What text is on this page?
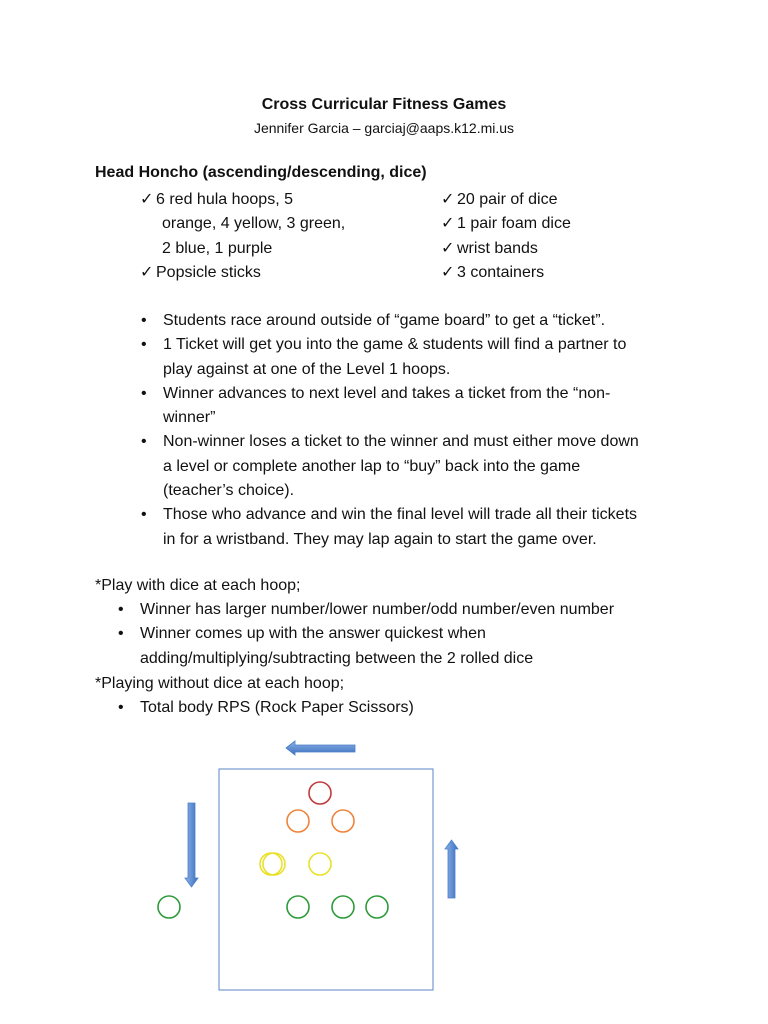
Cross Curricular Fitness Games
Jennifer Garcia – garciaj@aaps.k12.mi.us
Head Honcho (ascending/descending, dice)
✓ 6 red hula hoops, 5
orange, 4 yellow, 3 green,
2 blue, 1 purple
✓ Popsicle sticks
✓ 20 pair of dice
✓ 1 pair foam dice
✓ wrist bands
✓ 3 containers
• Students race around outside of “game board” to get a “ticket”.
• 1 Ticket will get you into the game & students will find a partner to
play against at one of the Level 1 hoops.
• Winner advances to next level and takes a ticket from the “non-
winner”
• Non-winner loses a ticket to the winner and must either move down
a level or complete another lap to “buy” back into the game
(teacher’s choice).
• Those who advance and win the final level will trade all their tickets
in for a wristband. They may lap again to start the game over.
*Play with dice at each hoop;
• Winner has larger number/lower number/odd number/even number
• Winner comes up with the answer quickest when
adding/multiplying/subtracting between the 2 rolled dice
*Playing without dice at each hoop;
• Total body RPS (Rock Paper Scissors)
